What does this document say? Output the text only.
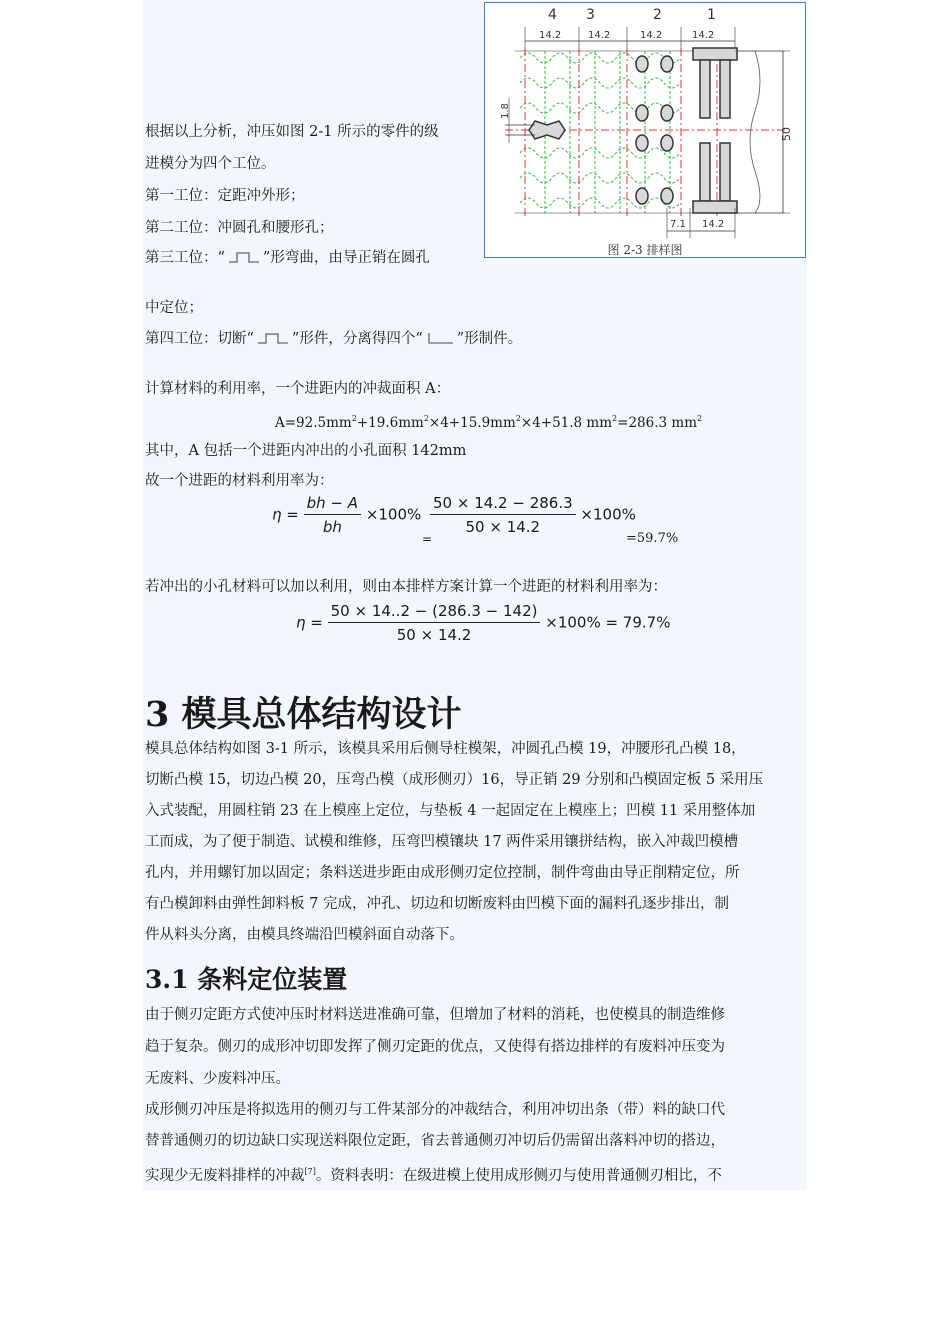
4 3	2	1
14.2	14.2	14.2	14.2
1.8
50
7.1 14.2
图 2-3 排样图
根据以上分析，冲压如图 2-1 所示的零件的级
进模分为四个工位。
第一工位：定距冲外形；
第二工位：冲圆孔和腰形孔；
第三工位：“	”形弯曲，由导正销在圆孔
中定位；
第四工位：切断“	”形件，分离得四个“ ”形制件。
计算材料的利用率，一个进距内的冲裁面积 A：
$A=92.5mm^2+19.6mm^2\times 4+15.9mm^2\times 4+51.8$ $mm^2=286.3$ $mm^2$
其中，A 包括一个进距内冲出的小孔面积 142mm
故一个进距的材料利用率为：
$\eta = \frac{bh - A}{bh} \times 100\%$
=
$\frac{50 \times 14.2 - 286.3}{50 \times 14.2} \times 100\%$
=59.7%
若冲出的小孔材料可以加以利用，则由本排样方案计算一个进距的材料利用率为：
$\eta = \frac{50 \times 14..2 - (286.3 - 142)}{50 \times 14.2} \times 100\% = 79.7\%$
3 模具总体结构设计
模具总体结构如图 3-1 所示，该模具采用后侧导柱模架，冲圆孔凸模 19，冲腰形孔凸模 18，
切断凸模 15，切边凸模 20，压弯凸模（成形侧刃）16，导正销 29 分别和凸模固定板 5 采用压
入式装配，用圆柱销 23 在上模座上定位，与垫板 4 一起固定在上模座上；凹模 11 采用整体加
工而成，为了便于制造、试模和维修，压弯凹模镶块 17 两件采用镶拼结构，嵌入冲裁凹模槽
孔内，并用螺钉加以固定；条料送进步距由成形侧刃定位控制，制件弯曲由导正削精定位，所
有凸模卸料由弹性卸料板 7 完成，冲孔、切边和切断废料由凹模下面的漏料孔逐步排出，制
件从料头分离，由模具终端沿凹模斜面自动落下。
3.1 条料定位装置
由于侧刃定距方式使冲压时材料送进准确可靠，但增加了材料的消耗，也使模具的制造维修
趋于复杂。侧刃的成形冲切即发挥了侧刃定距的优点，又使得有搭边排样的有废料冲压变为
无废料、少废料冲压。
成形侧刃冲压是将拟选用的侧刃与工件某部分的冲裁结合，利用冲切出条（带）料的缺口代
替普通侧刃的切边缺口实现送料限位定距，省去普通侧刃冲切后仍需留出落料冲切的搭边，
实现少无废料排样的冲裁[7]。资料表明：在级进模上使用成形侧刃与使用普通侧刃相比，不
